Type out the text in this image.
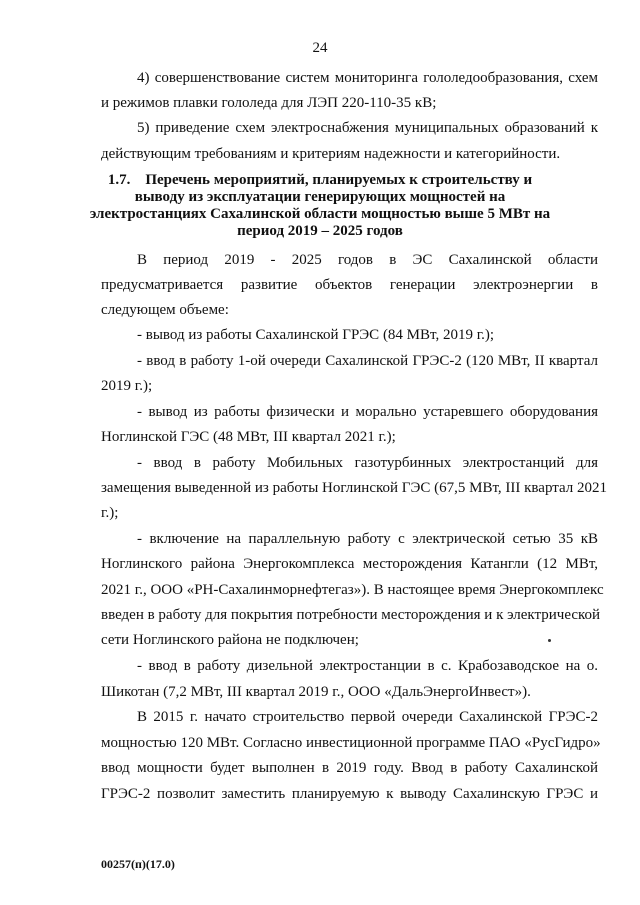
24
4) совершенствование систем мониторинга гололедообразования, схем
и режимов плавки гололеда для ЛЭП 220-110-35 кВ;
5) приведение схем электроснабжения муниципальных образований к
действующим требованиям и критериям надежности и категорийности.
1.7.    Перечень мероприятий, планируемых к строительству и
выводу из эксплуатации генерирующих мощностей на
электростанциях Сахалинской области мощностью выше 5 МВт на
период 2019 – 2025 годов
В период 2019 - 2025 годов в ЭС Сахалинской области
предусматривается развитие объектов генерации электроэнергии в
следующем объеме:
- вывод из работы Сахалинской ГРЭС (84 МВт, 2019 г.);
- ввод в работу 1-ой очереди Сахалинской ГРЭС-2 (120 МВт, II квартал
2019 г.);
- вывод из работы физически и морально устаревшего оборудования
Ноглинской ГЭС (48 МВт, III квартал 2021 г.);
- ввод в работу Мобильных газотурбинных электростанций для
замещения выведенной из работы Ноглинской ГЭС (67,5 МВт, III квартал 2021
г.);
- включение на параллельную работу с электрической сетью 35 кВ
Ноглинского района Энергокомплекса месторождения Катангли (12 МВт,
2021 г., ООО «РН-Сахалинморнефтегаз»). В настоящее время Энергокомплекс
введен в работу для покрытия потребности месторождения и к электрической
сети Ноглинского района не подключен;
- ввод в работу дизельной электростанции в с. Крабозаводское на о.
Шикотан (7,2 МВт, III квартал 2019 г., ООО «ДальЭнергоИнвест»).
В 2015 г. начато строительство первой очереди Сахалинской ГРЭС-2
мощностью 120 МВт. Согласно инвестиционной программе ПАО «РусГидро»
ввод мощности будет выполнен в 2019 году. Ввод в работу Сахалинской
ГРЭС-2 позволит заместить планируемую к выводу Сахалинскую ГРЭС и
00257(п)(17.0)
